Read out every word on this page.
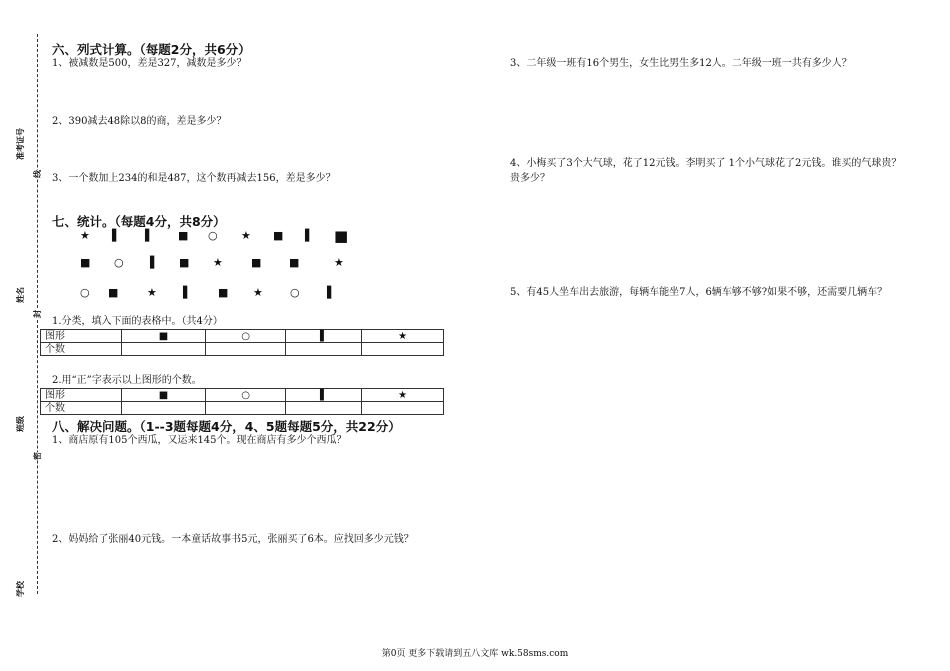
准考证号
姓名
班级
学校
线
封
密
六、列式计算。（每题2分，共6分）
1、被减数是500，差是327，减数是多少？
2、390减去48除以8的商，差是多少？
3、一个数加上234的和是487，这个数再减去156，差是多少？
七、统计。（每题4分，共8分）
★ ▌ ▌ ■ ○ ★ ■ ▌ ■
■ ○ ▌ ■ ★	■	■	★
○ ■	★ ▌ ■ ★ ○ ▌
1.分类，填入下面的表格中。（共4分）
图形	■	○	▌	★
个数				
2.用“正”字表示以上图形的个数。
图形	■	○	▌	★
个数				
八、解决问题。（1--3题每题4分，4、5题每题5分，共22分）
1、商店原有105个西瓜，又运来145个。现在商店有多少个西瓜？
2、妈妈给了张丽40元钱。一本童话故事书5元，张丽买了6本。应找回多少元钱？
3、二年级一班有16个男生，女生比男生多12人。二年级一班一共有多少人？
4、小梅买了3个大气球，花了12元钱。李明买了 1个小气球花了2元钱。谁买的气球贵？贵多少？
5、有45人坐车出去旅游，每辆车能坐7人，6辆车够不够?如果不够，还需要几辆车？
第0页 更多下载请到五八文库 wk.58sms.com
